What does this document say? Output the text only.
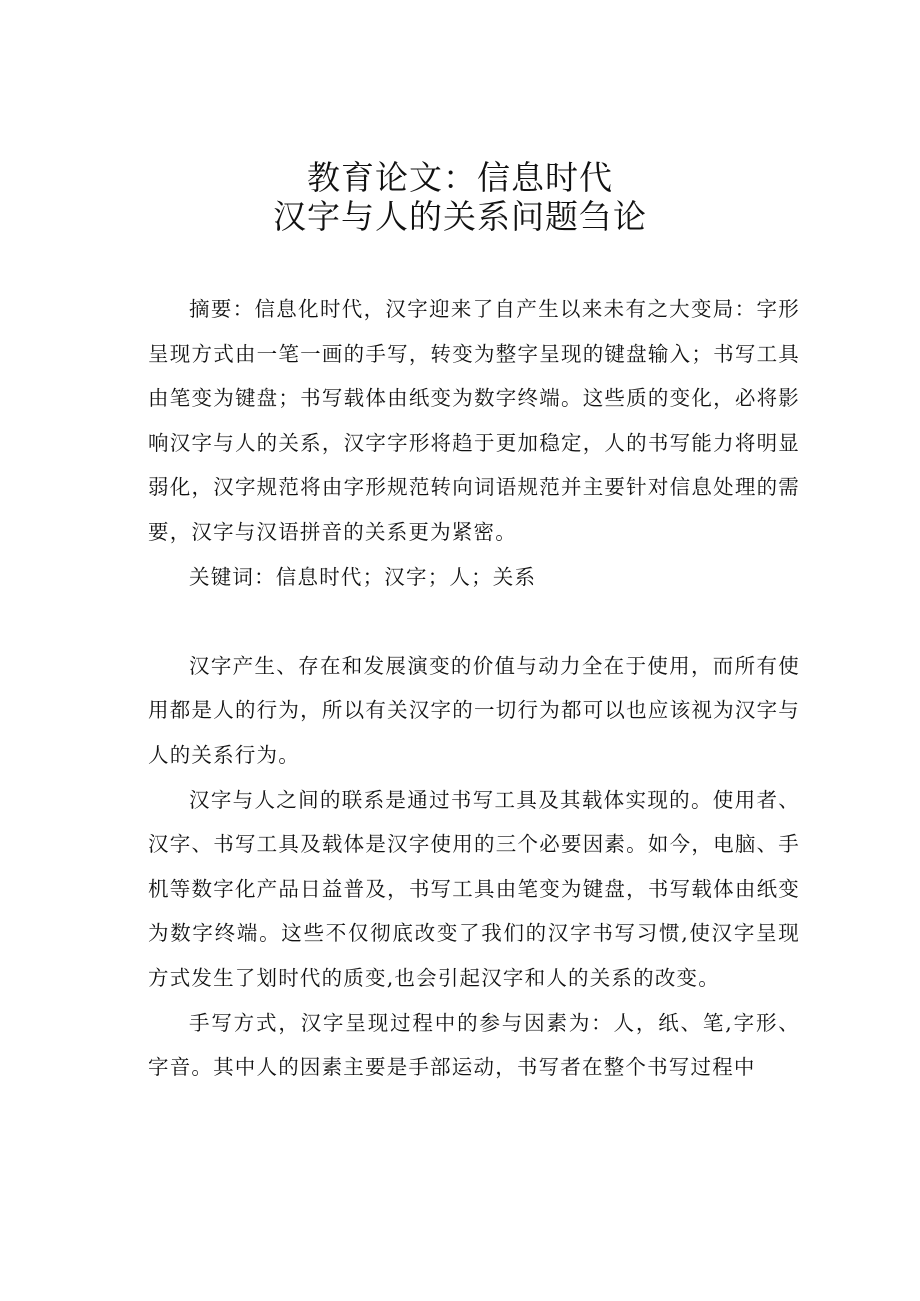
教育论文：信息时代
汉字与人的关系问题刍论

摘要：信息化时代，汉字迎来了自产生以来未有之大变局：字形呈现方式由一笔一画的手写，转变为整字呈现的键盘输入；书写工具由笔变为键盘；书写载体由纸变为数字终端。这些质的变化，必将影响汉字与人的关系，汉字字形将趋于更加稳定，人的书写能力将明显弱化，汉字规范将由字形规范转向词语规范并主要针对信息处理的需要，汉字与汉语拼音的关系更为紧密。

关键词：信息时代；汉字；人；关系

汉字产生、存在和发展演变的价值与动力全在于使用，而所有使用都是人的行为，所以有关汉字的一切行为都可以也应该视为汉字与人的关系行为。

汉字与人之间的联系是通过书写工具及其载体实现的。使用者、汉字、书写工具及载体是汉字使用的三个必要因素。如今，电脑、手机等数字化产品日益普及，书写工具由笔变为键盘，书写载体由纸变为数字终端。这些不仅彻底改变了我们的汉字书写习惯,使汉字呈现方式发生了划时代的质变,也会引起汉字和人的关系的改变。

手写方式，汉字呈现过程中的参与因素为：人，纸、笔,字形、字音。其中人的因素主要是手部运动，书写者在整个书写过程中
